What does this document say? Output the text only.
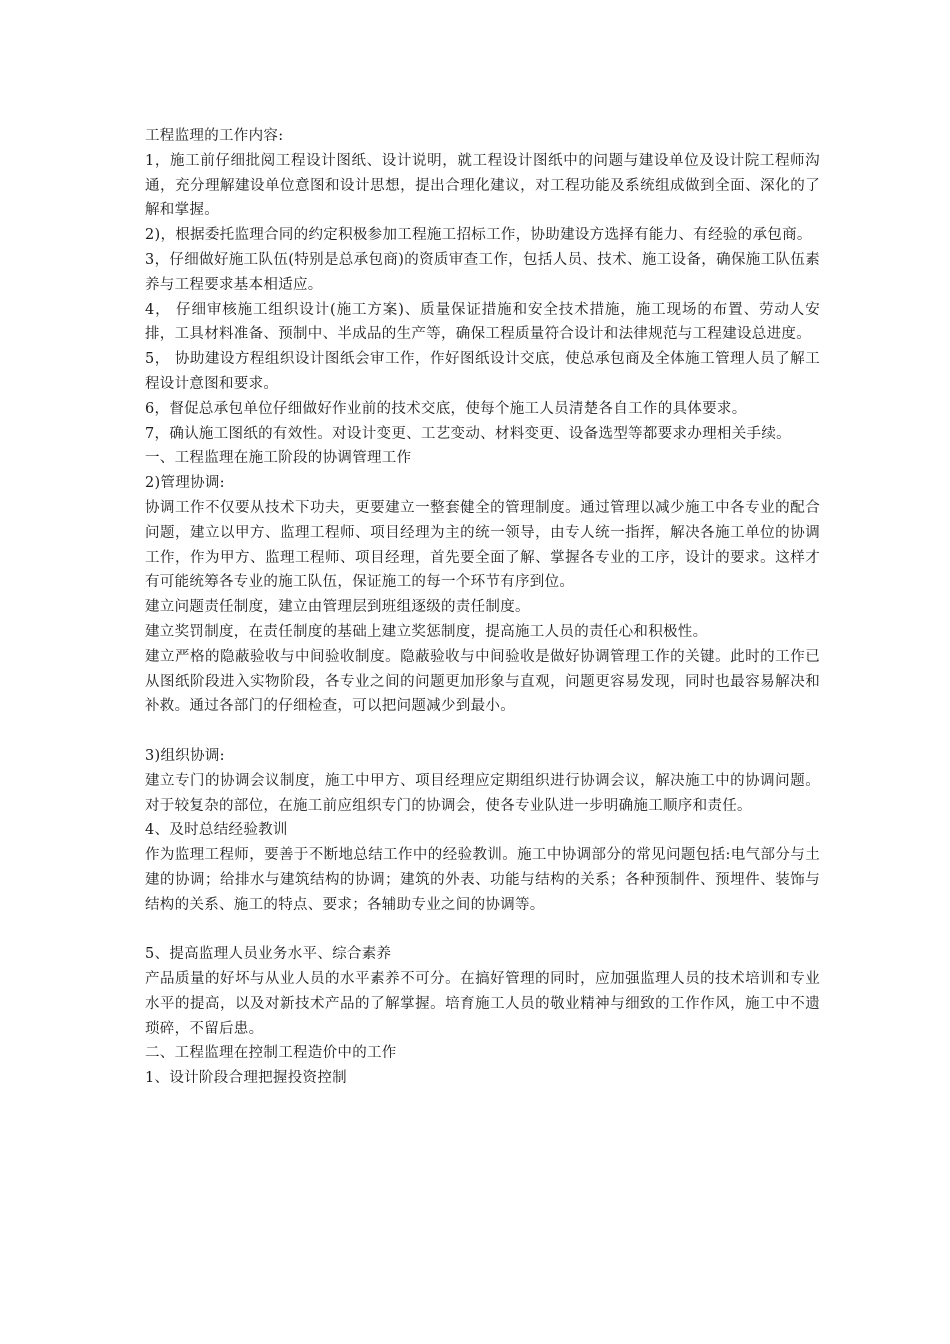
工程监理的工作内容:

1，施工前仔细批阅工程设计图纸、设计说明，就工程设计图纸中的问题与建设单位及设计院工程师沟通，充分理解建设单位意图和设计思想，提出合理化建议，对工程功能及系统组成做到全面、深化的了解和掌握。

2)，根据委托监理合同的约定积极参加工程施工招标工作，协助建设方选择有能力、有经验的承包商。

3，仔细做好施工队伍(特别是总承包商)的资质审查工作，包括人员、技术、施工设备，确保施工队伍素养与工程要求基本相适应。

4， 仔细审核施工组织设计(施工方案)、质量保证措施和安全技术措施，施工现场的布置、劳动人安排，工具材料准备、预制中、半成品的生产等，确保工程质量符合设计和法律规范与工程建设总进度。

5， 协助建设方程组织设计图纸会审工作，作好图纸设计交底，使总承包商及全体施工管理人员了解工程设计意图和要求。

6，督促总承包单位仔细做好作业前的技术交底，使每个施工人员清楚各自工作的具体要求。

7，确认施工图纸的有效性。对设计变更、工艺变动、材料变更、设备选型等都要求办理相关手续。

一、工程监理在施工阶段的协调管理工作

2)管理协调:

协调工作不仅要从技术下功夫，更要建立一整套健全的管理制度。通过管理以减少施工中各专业的配合问题，建立以甲方、监理工程师、项目经理为主的统一领导，由专人统一指挥，解决各施工单位的协调工作，作为甲方、监理工程师、项目经理，首先要全面了解、掌握各专业的工序，设计的要求。这样才有可能统筹各专业的施工队伍，保证施工的每一个环节有序到位。

建立问题责任制度，建立由管理层到班组逐级的责任制度。

建立奖罚制度，在责任制度的基础上建立奖惩制度，提高施工人员的责任心和积极性。

建立严格的隐蔽验收与中间验收制度。隐蔽验收与中间验收是做好协调管理工作的关键。此时的工作已从图纸阶段进入实物阶段，各专业之间的问题更加形象与直观，问题更容易发现，同时也最容易解决和补救。通过各部门的仔细检查，可以把问题减少到最小。

3)组织协调:

建立专门的协调会议制度，施工中甲方、项目经理应定期组织进行协调会议，解决施工中的协调问题。对于较复杂的部位，在施工前应组织专门的协调会，使各专业队进一步明确施工顺序和责任。

4、及时总结经验教训

作为监理工程师，要善于不断地总结工作中的经验教训。施工中协调部分的常见问题包括:电气部分与土建的协调；给排水与建筑结构的协调；建筑的外表、功能与结构的关系；各种预制件、预埋件、装饰与结构的关系、施工的特点、要求；各辅助专业之间的协调等。

5、提高监理人员业务水平、综合素养

产品质量的好坏与从业人员的水平素养不可分。在搞好管理的同时，应加强监理人员的技术培训和专业水平的提高，以及对新技术产品的了解掌握。培育施工人员的敬业精神与细致的工作作风，施工中不遗琐碎，不留后患。

二、工程监理在控制工程造价中的工作

1、设计阶段合理把握投资控制
